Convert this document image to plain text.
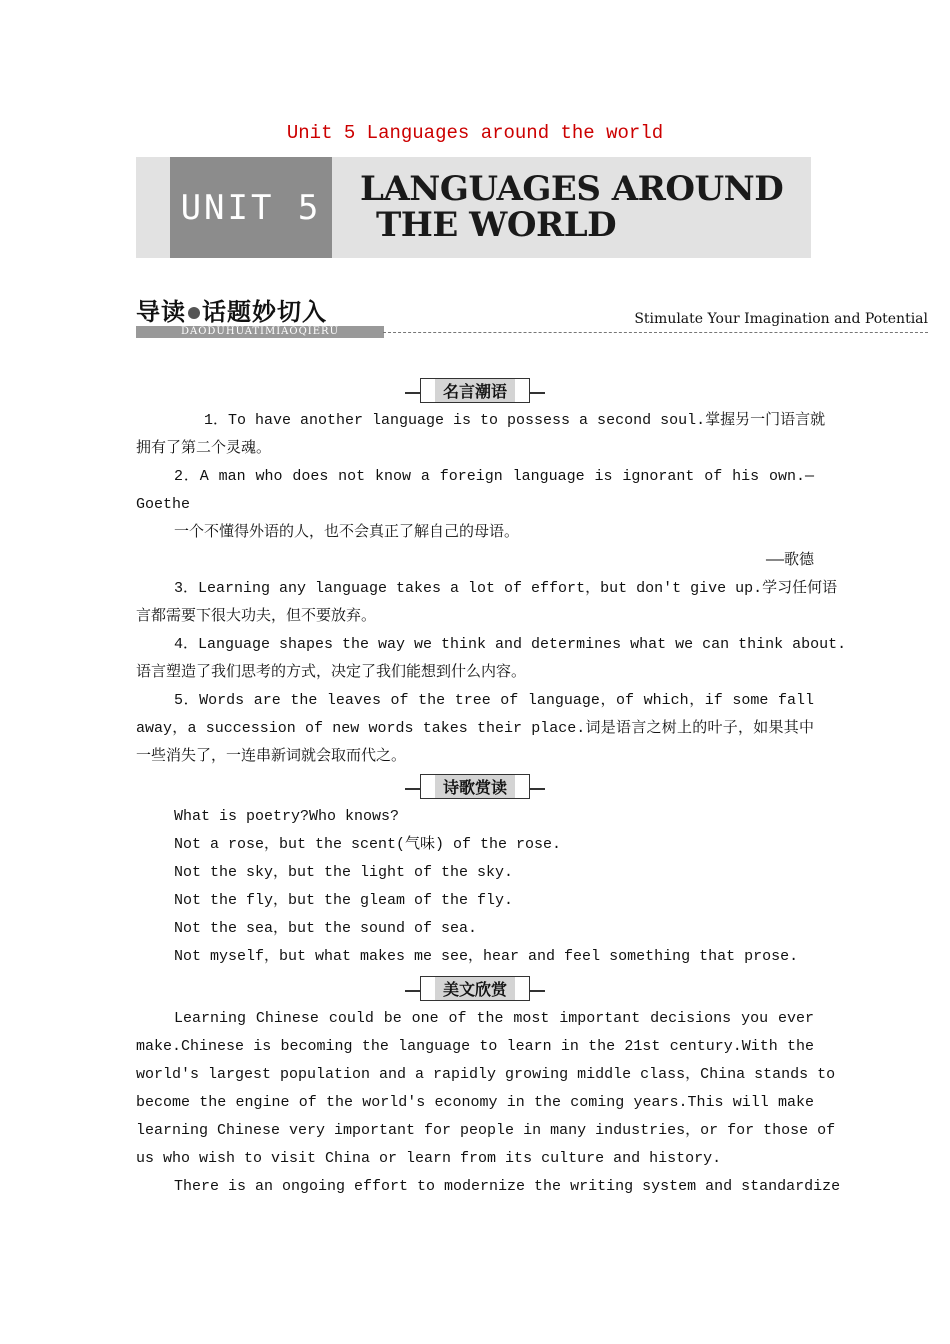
Unit 5 Languages around the world
UNIT 5	LANGUAGES AROUND
THE WORLD
导读 话题妙切入
DAODUHUATIMIAOQIERU
Stimulate Your Imagination and Potential
名言潮语
1．To have another language is to possess a second soul.掌握另一门语言就
拥有了第二个灵魂。
2．A man who does not know a foreign language is ignorant of his own.—
Goethe
一个不懂得外语的人，也不会真正了解自己的母语。
——歌德
3．Learning any language takes a lot of effort，but don't give up.学习任何语
言都需要下很大功夫，但不要放弃。
4．Language shapes the way we think and determines what we can think about.
语言塑造了我们思考的方式，决定了我们能想到什么内容。
5．Words are the leaves of the tree of language，of which，if some fall
away，a succession of new words takes their place.词是语言之树上的叶子，如果其中
一些消失了，一连串新词就会取而代之。
诗歌赏读
What is poetry?Who knows?
Not a rose，but the scent(气味) of the rose.
Not the sky，but the light of the sky.
Not the fly，but the gleam of the fly.
Not the sea，but the sound of sea.
Not myself，but what makes me see，hear and feel something that prose.
美文欣赏
Learning Chinese could be one of the most important decisions you ever
make.Chinese is becoming the language to learn in the 21st century.With the
world's largest population and a rapidly growing middle class，China stands to
become the engine of the world's economy in the coming years.This will make
learning Chinese very important for people in many industries，or for those of
us who wish to visit China or learn from its culture and history.
There is an ongoing effort to modernize the writing system and standardize
